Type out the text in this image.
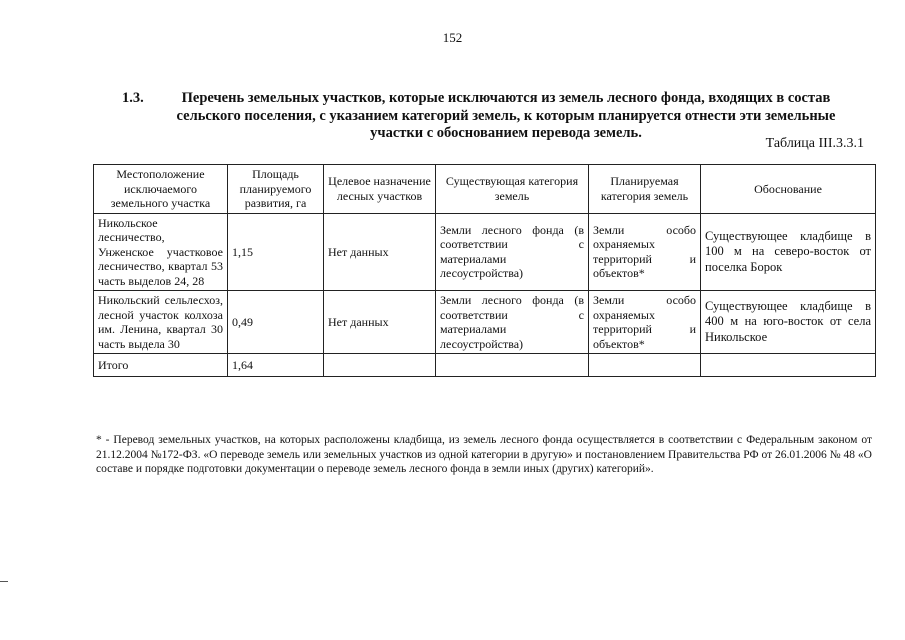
152
1.3.	Перечень земельных участков, которые исключаются из земель лесного фонда, входящих в состав сельского поселения, с указанием категорий земель, к которым планируется отнести эти земельные участки с обоснованием перевода земель.
Таблица III.3.3.1
Местоположение исключаемого земельного участка	Площадь планируемого развития, га	Целевое назначение лесных участков	Существующая категория земель	Планируемая категория земель	Обоснование
Никольское лесничество, Унженское участковое лесничество, квартал 53 часть выделов 24, 28	1,15	Нет данных	Земли лесного фонда (в соответствии с материалами лесоустройства)	Земли особо охраняемых территорий и объектов*	Существующее кладбище в 100 м на северо-восток от поселка Борок
Никольский сельлесхоз, лесной участок колхоза им. Ленина, квартал 30 часть выдела 30	0,49	Нет данных	Земли лесного фонда (в соответствии с материалами лесоустройства)	Земли особо охраняемых территорий и объектов*	Существующее кладбище в 400 м на юго-восток от села Никольское
Итого	1,64				
* - Перевод земельных участков, на которых расположены кладбища, из земель лесного фонда осуществляется в соответствии с Федеральным законом от 21.12.2004 №172-ФЗ. «О переводе земель или земельных участков из одной категории в другую» и постановлением Правительства РФ от 26.01.2006 № 48 «О составе и порядке подготовки документации о переводе земель лесного фонда в земли иных (других) категорий».
